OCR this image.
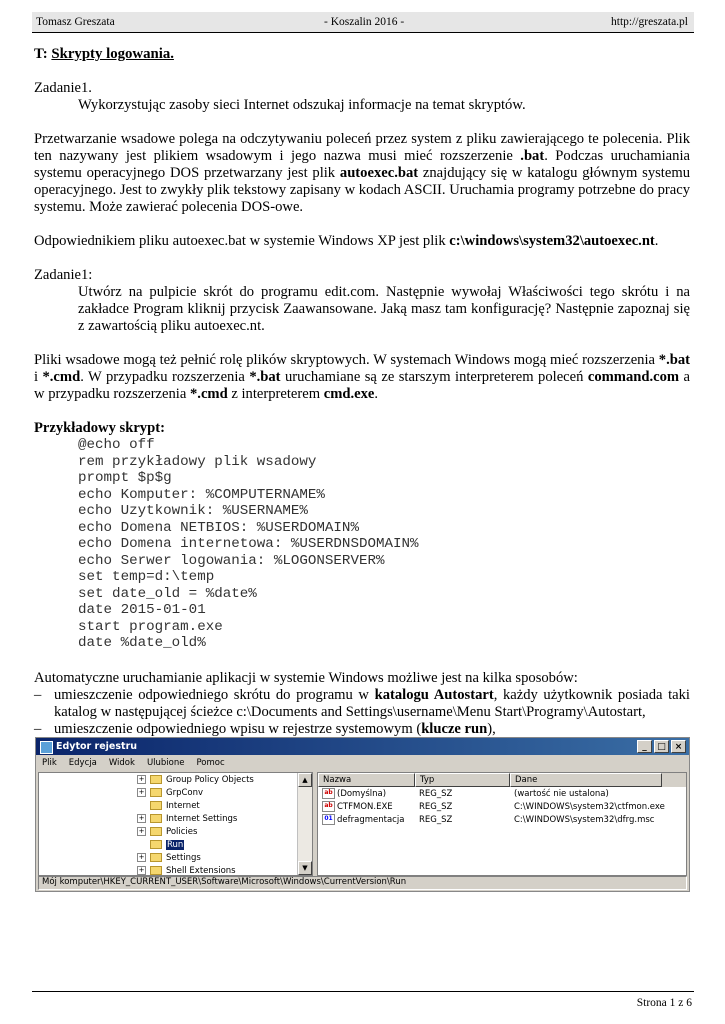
Tomasz Greszata	- Koszalin 2016 -	http://greszata.pl

T: Skrypty logowania.

Zadanie1.

Wykorzystując zasoby sieci Internet odszukaj informacje na temat skryptów.

Przetwarzanie wsadowe polega na odczytywaniu poleceń przez system z pliku zawierającego te polecenia. Plik ten nazywany jest plikiem wsadowym i jego nazwa musi mieć rozszerzenie .bat. Podczas uruchamiania systemu operacyjnego DOS przetwarzany jest plik autoexec.bat znajdujący się w katalogu głównym systemu operacyjnego. Jest to zwykły plik tekstowy zapisany w kodach ASCII. Uruchamia programy potrzebne do pracy systemu. Może zawierać polecenia DOS-owe.

Odpowiednikiem pliku autoexec.bat w systemie Windows XP jest plik c:\windows\system32\autoexec.nt.

Zadanie1:

Utwórz na pulpicie skrót do programu edit.com. Następnie wywołaj Właściwości tego skrótu i na zakładce Program kliknij przycisk Zaawansowane. Jaką masz tam konfigurację? Następnie zapoznaj się z zawartością pliku autoexec.nt.

Pliki wsadowe mogą też pełnić rolę plików skryptowych. W systemach Windows mogą mieć rozszerzenia *.bat i *.cmd. W przypadku rozszerzenia *.bat uruchamiane są ze starszym interpreterem poleceń command.com a w przypadku rozszerzenia *.cmd z interpreterem cmd.exe.

Przykładowy skrypt:

@echo off
rem przykładowy plik wsadowy
prompt $p$g
echo Komputer: %COMPUTERNAME%
echo Uzytkownik: %USERNAME%
echo Domena NETBIOS: %USERDOMAIN%
echo Domena internetowa: %USERDNSDOMAIN%
echo Serwer logowania: %LOGONSERVER%
set temp=d:\temp
set date_old = %date%
date 2015-01-01
start program.exe
date %date_old%

Automatyczne uruchamianie aplikacji w systemie Windows możliwe jest na kilka sposobów:

– umieszczenie odpowiedniego skrótu do programu w katalogu Autostart, każdy użytkownik posiada taki katalog w następującej ścieżce c:\Documents and Settings\username\Menu Start\Programy\Autostart,
– umieszczenie odpowiedniego wpisu w rejestrze systemowym (klucze run),
Edytor rejestru	_	□ ×
Plik Edycja Widok Ulubione Pomoc
▲
▼
+	Group Policy Objects
+	GrpConv
Internet
+	Internet Settings
+	Policies
Run
+	Settings
+	Shell Extensions
Nazwa	Typ	Dane
ab (Domyślna)	REG_SZ	(wartość nie ustalona)
ab CTFMON.EXE	REG_SZ	C:\WINDOWS\system32\ctfmon.exe
01 defragmentacja	REG_SZ	C:\WINDOWS\system32\dfrg.msc
Mój komputer\HKEY_CURRENT_USER\Software\Microsoft\Windows\CurrentVersion\Run
Strona 1 z 6
